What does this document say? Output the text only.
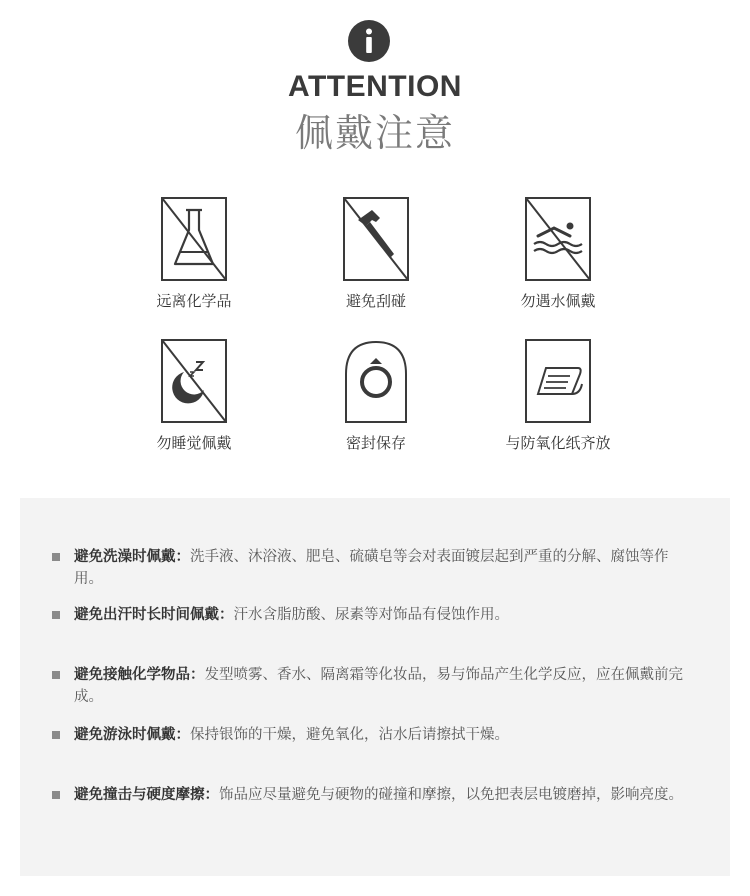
ATTENTION
佩戴注意
远离化学品	避免刮碰	勿遇水佩戴
勿睡觉佩戴	密封保存	与防氧化纸齐放
避免洗澡时佩戴：洗手液、沐浴液、肥皂、硫磺皂等会对表面镀层起到严重的分解、腐蚀等作用。
避免出汗时长时间佩戴：汗水含脂肪酸、尿素等对饰品有侵蚀作用。
避免接触化学物品：发型喷雾、香水、隔离霜等化妆品，易与饰品产生化学反应，应在佩戴前完成。
避免游泳时佩戴：保持银饰的干燥，避免氧化，沾水后请擦拭干燥。
避免撞击与硬度摩擦：饰品应尽量避免与硬物的碰撞和摩擦，以免把表层电镀磨掉，影响亮度。
